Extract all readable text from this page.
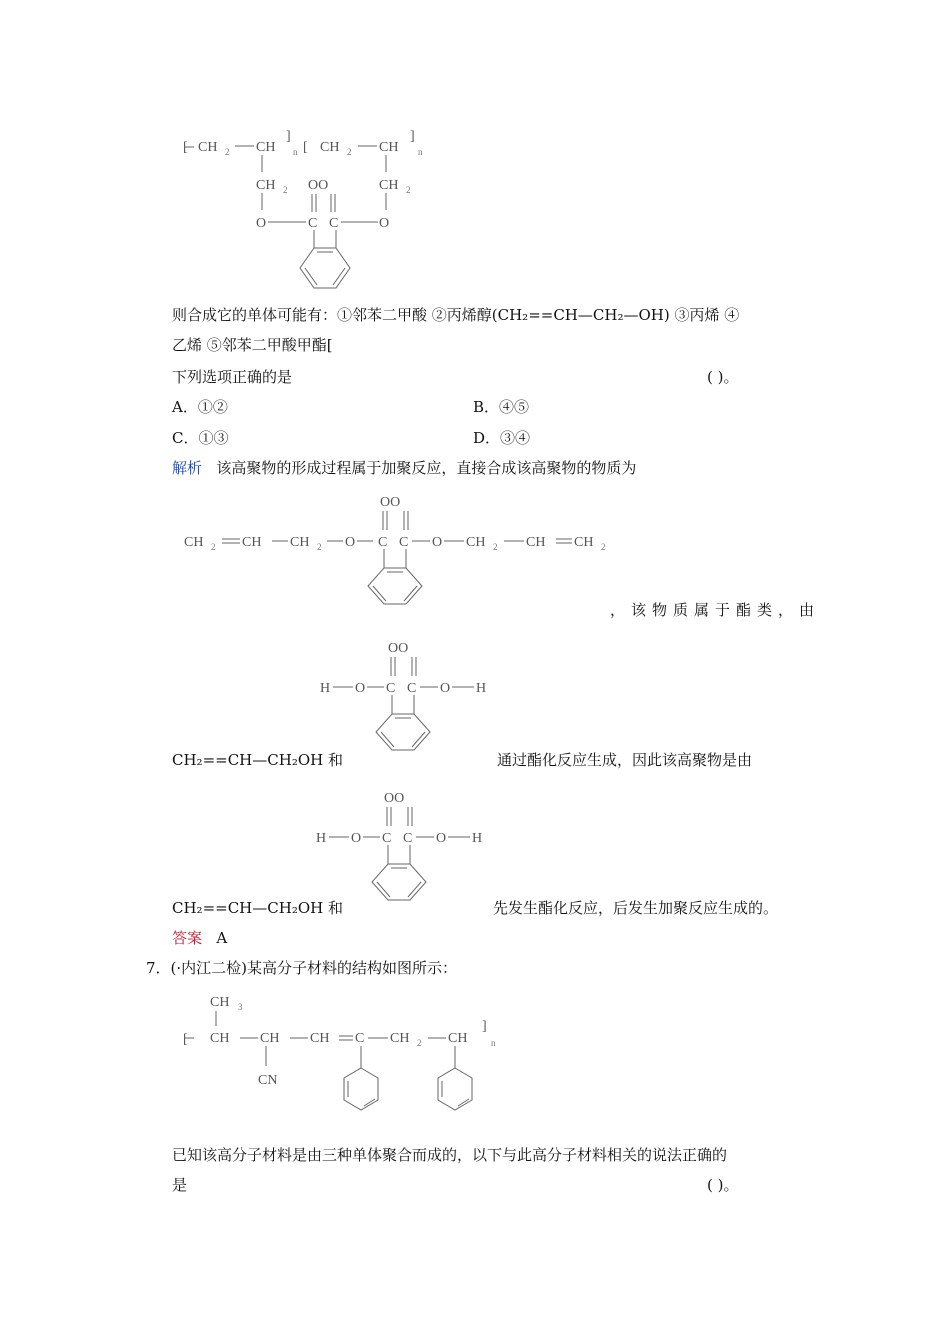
[ CH 2 CH
]
n [ CH 2 CH
]
n
CH 2 OO	CH 2
O	C C	O
则合成它的单体可能有：①邻苯二甲酸 ②丙烯醇(CH₂==CH—CH₂—OH) ③丙烯 ④
乙烯 ⑤邻苯二甲酸甲酯[
下列选项正确的是	( )。
A．①②	B．④⑤
C．①③	D．③④
解析 该高聚物的形成过程属于加聚反应，直接合成该高聚物的物质为
OO
CH 2 CH CH 2 O C C O CH 2 CH CH 2
，该物质属于酯类，由
OO
H O C C O H
CH₂==CH—CH₂OH 和	通过酯化反应生成，因此该高聚物是由
OO
H O C C O H
CH₂==CH—CH₂OH 和	先发生酯化反应，后发生加聚反应生成的。
答案 A
7．(·内江二检)某高分子材料的结构如图所示：
CH 3
[ CH CH CH C CH 2 CH
]
n
CN
已知该高分子材料是由三种单体聚合而成的，以下与此高分子材料相关的说法正确的
是	( )。
